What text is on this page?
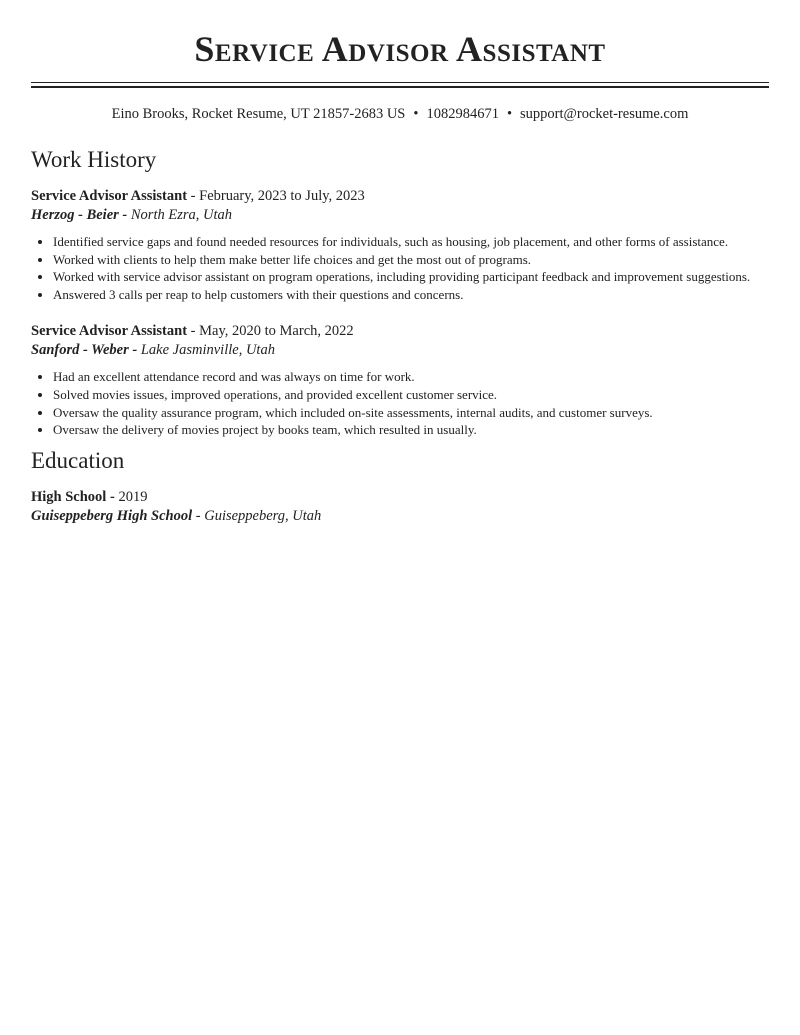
Service Advisor Assistant
Eino Brooks, Rocket Resume, UT 21857-2683 US • 1082984671 • support@rocket-resume.com
Work History
Service Advisor Assistant - February, 2023 to July, 2023
Herzog - Beier - North Ezra, Utah
• Identified service gaps and found needed resources for individuals, such as housing, job placement, and other forms of assistance.
• Worked with clients to help them make better life choices and get the most out of programs.
• Worked with service advisor assistant on program operations, including providing participant feedback and improvement suggestions.
• Answered 3 calls per reap to help customers with their questions and concerns.
Service Advisor Assistant - May, 2020 to March, 2022
Sanford - Weber - Lake Jasminville, Utah
• Had an excellent attendance record and was always on time for work.
• Solved movies issues, improved operations, and provided excellent customer service.
• Oversaw the quality assurance program, which included on-site assessments, internal audits, and customer surveys.
• Oversaw the delivery of movies project by books team, which resulted in usually.
Education
High School - 2019
Guiseppeberg High School - Guiseppeberg, Utah
